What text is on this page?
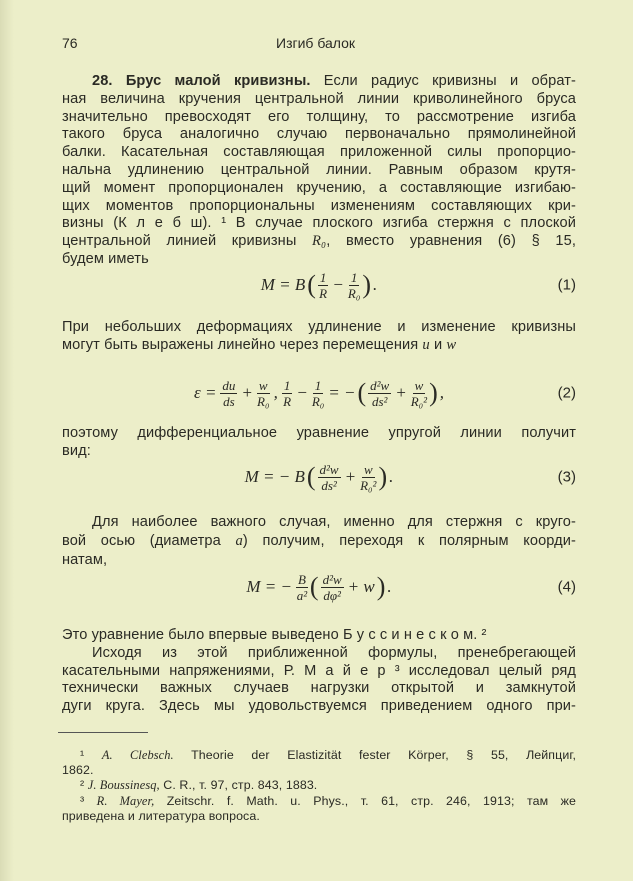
76	Изгиб балок
28. Брус малой кривизны. Если радиус кривизны и обрат-
ная величина кручения центральной линии криволинейного бруса
значительно превосходят его толщину, то рассмотрение изгиба
такого бруса аналогично случаю первоначально прямолинейной
балки. Касательная составляющая приложенной силы пропорцио-
нальна удлинению центральной линии. Равным образом крутя-
щий момент пропорционален кручению, а составляющие изгибаю-
щих моментов пропорциональны изменениям составляющих кри-
визны (К л е б ш). ¹ В случае плоского изгиба стержня с плоской
центральной линией кривизны R₀, вместо уравнения (6) § 15,
будем иметь
M = B ( $\frac{1}{R} - \frac{1}{\text{R₀}}$ ) .	(1)
При небольших деформациях удлинение и изменение кривизны
могут быть выражены линейно через перемещения u и w
$\varepsilon = \frac{du}{ds} + \frac{w}{\text{R₀}}$ , $\frac{1}{R} - \frac{1}{\text{R₀}}$ = − ( $\frac{\text{d²w}}{\text{ds²}} + \frac{w}{\text{R₀²}}$ ) ,	(2)
поэтому дифференциальное уравнение упругой линии получит
вид:
M = − B ( $\frac{\text{d²w}}{\text{ds²}} + \frac{w}{\text{R₀²}}$ ) .	(3)
Для наиболее важного случая, именно для стержня с круго-
вой осью (диаметра a) получим, переходя к полярным коорди-
натам,
M = − $\frac{B}{\text{a²}}$ ( $\frac{\text{d²w}}{\text{dφ²}} + w$ ) .	(4)
Это уравнение было впервые выведено Б у с с и н е с к о м. ²
Исходя из этой приближенной формулы, пренебрегающей
касательными напряжениями, Р. М а й е р ³ исследовал целый ряд
технически важных случаев нагрузки открытой и замкнутой
дуги круга. Здесь мы удовольствуемся приведением одного при-
¹ A. Clebsch. Theorie der Elastizität fester Körper, § 55, Лейпциг,
1862.
² J. Boussinesq, C. R., т. 97, стр. 843, 1883.
³ R. Mayer, Zeitschr. f. Math. u. Phys., т. 61, стр. 246, 1913; там же
приведена и литература вопроса.
